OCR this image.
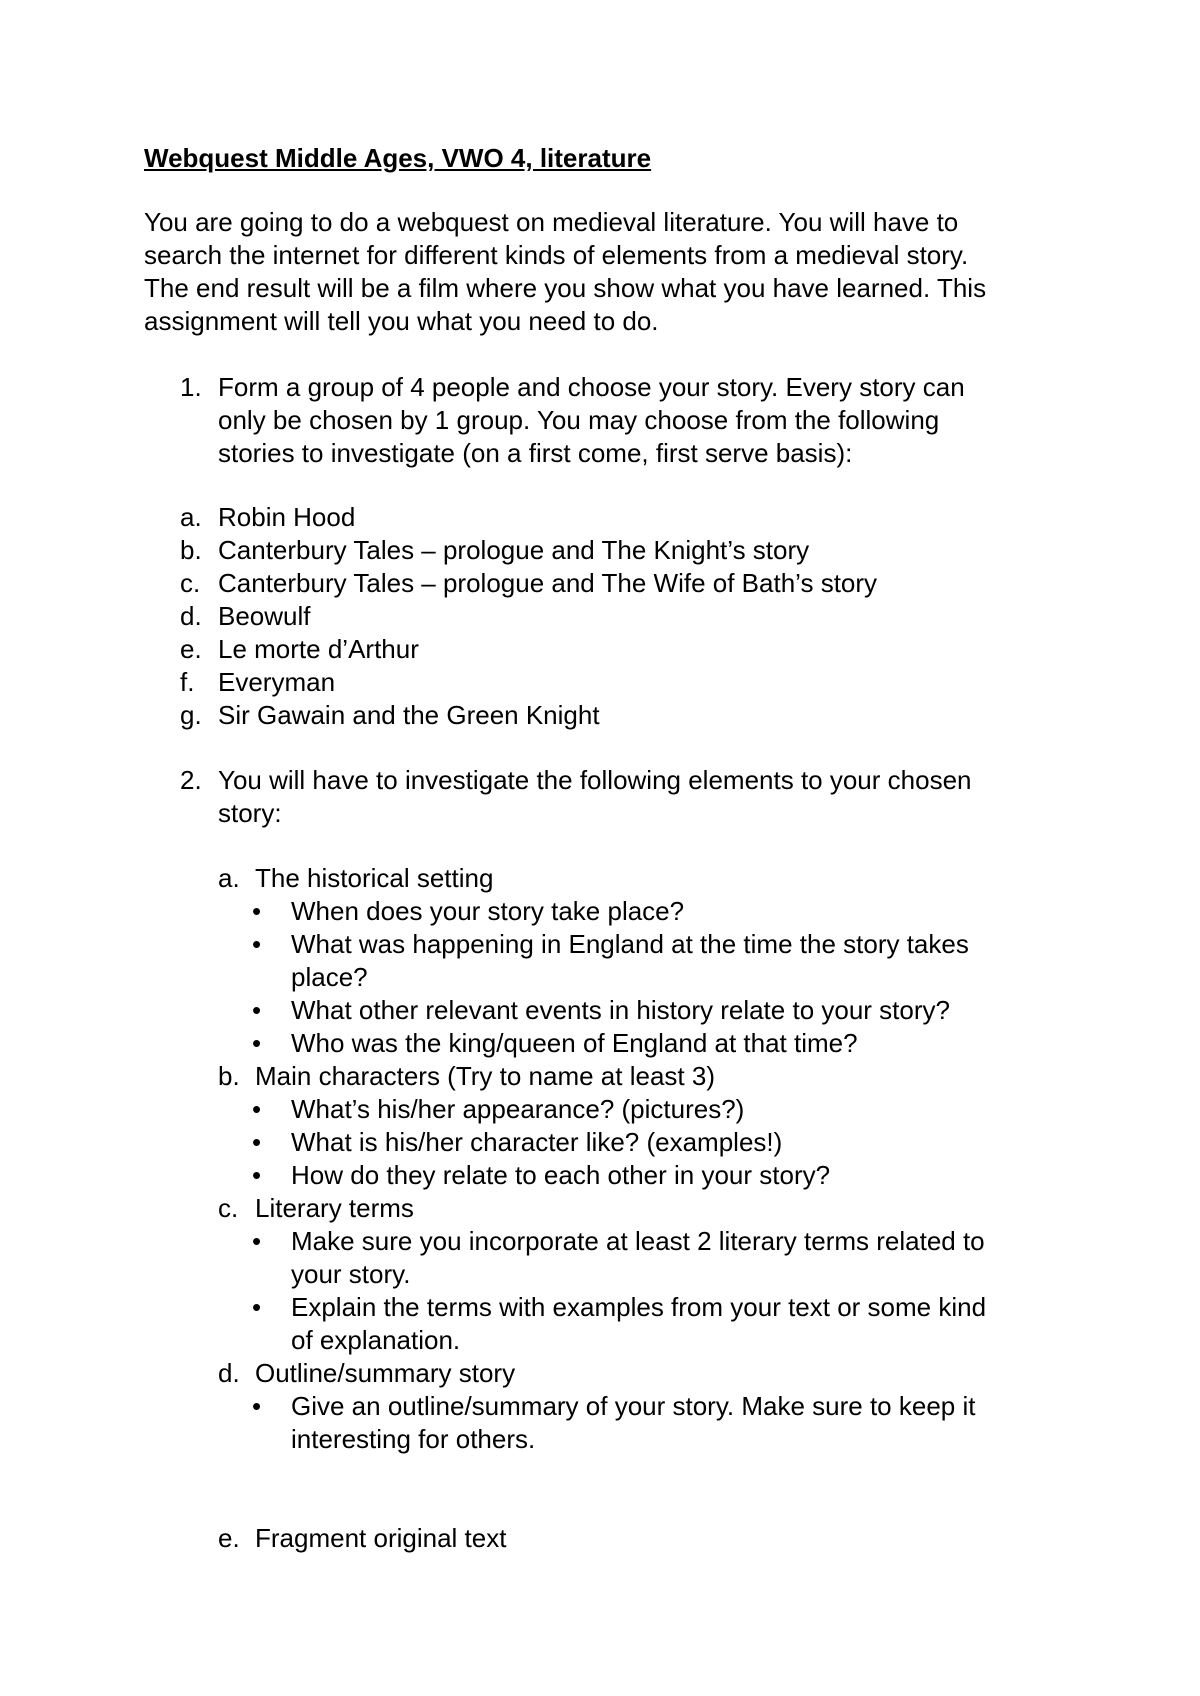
Webquest Middle Ages, VWO 4, literature
You are going to do a webquest on medieval literature. You will have to
search the internet for different kinds of elements from a medieval story.
The end result will be a film where you show what you have learned. This
assignment will tell you what you need to do.
1. Form a group of 4 people and choose your story. Every story can
only be chosen by 1 group. You may choose from the following
stories to investigate (on a first come, first serve basis):
a. Robin Hood
b. Canterbury Tales – prologue and The Knight’s story
c. Canterbury Tales – prologue and The Wife of Bath’s story
d. Beowulf
e. Le morte d’Arthur
f. Everyman
g. Sir Gawain and the Green Knight
2. You will have to investigate the following elements to your chosen
story:
a. The historical setting
• When does your story take place?
• What was happening in England at the time the story takes
place?
• What other relevant events in history relate to your story?
• Who was the king/queen of England at that time?
b. Main characters (Try to name at least 3)
• What’s his/her appearance? (pictures?)
• What is his/her character like? (examples!)
• How do they relate to each other in your story?
c. Literary terms
• Make sure you incorporate at least 2 literary terms related to
your story.
• Explain the terms with examples from your text or some kind
of explanation.
d. Outline/summary story
• Give an outline/summary of your story. Make sure to keep it
interesting for others.
e. Fragment original text
